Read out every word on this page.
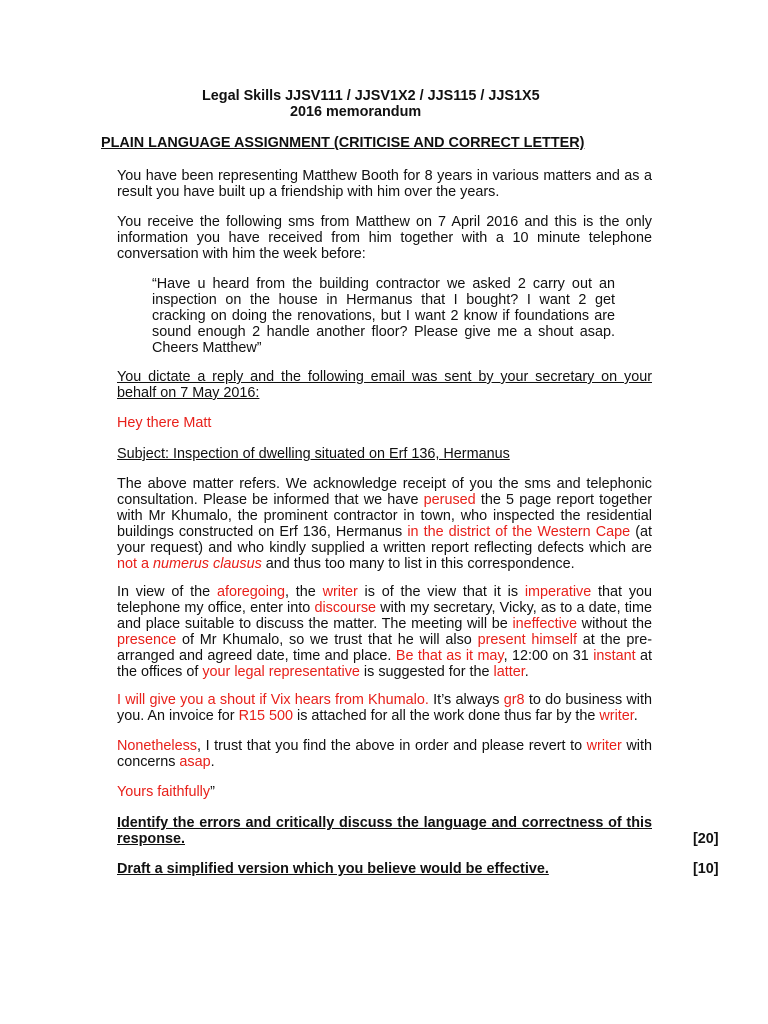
Legal Skills JJSV111 / JJSV1X2 / JJS115 / JJS1X5
2016 memorandum
PLAIN LANGUAGE ASSIGNMENT (CRITICISE AND CORRECT LETTER)

You have been representing Matthew Booth for 8 years in various matters and as a result you have built up a friendship with him over the years.

You receive the following sms from Matthew on 7 April 2016 and this is the only information you have received from him together with a 10 minute telephone conversation with him the week before:

“Have u heard from the building contractor we asked 2 carry out an inspection on the house in Hermanus that I bought? I want 2 get cracking on doing the renovations, but I want 2 know if foundations are sound enough 2 handle another floor? Please give me a shout asap. Cheers Matthew”

You dictate a reply and the following email was sent by your secretary on your behalf on 7 May 2016:

Hey there Matt

Subject: Inspection of dwelling situated on Erf 136, Hermanus

The above matter refers. We acknowledge receipt of you the sms and telephonic consultation. Please be informed that we have perused the 5 page report together with Mr Khumalo, the prominent contractor in town, who inspected the residential buildings constructed on Erf 136, Hermanus in the district of the Western Cape (at your request) and who kindly supplied a written report reflecting defects which are not a numerus clausus and thus too many to list in this correspondence.

In view of the aforegoing, the writer is of the view that it is imperative that you telephone my office, enter into discourse with my secretary, Vicky, as to a date, time and place suitable to discuss the matter. The meeting will be ineffective without the presence of Mr Khumalo, so we trust that he will also present himself at the pre-arranged and agreed date, time and place. Be that as it may, 12:00 on 31 instant at the offices of your legal representative is suggested for the latter.

I will give you a shout if Vix hears from Khumalo. It’s always gr8 to do business with you. An invoice for R15 500 is attached for all the work done thus far by the writer.

Nonetheless, I trust that you find the above in order and please revert to writer with concerns asap.

Yours faithfully”

Identify the errors and critically discuss the language and correctness of this response.	[20]

Draft a simplified version which you believe would be effective.	[10]
